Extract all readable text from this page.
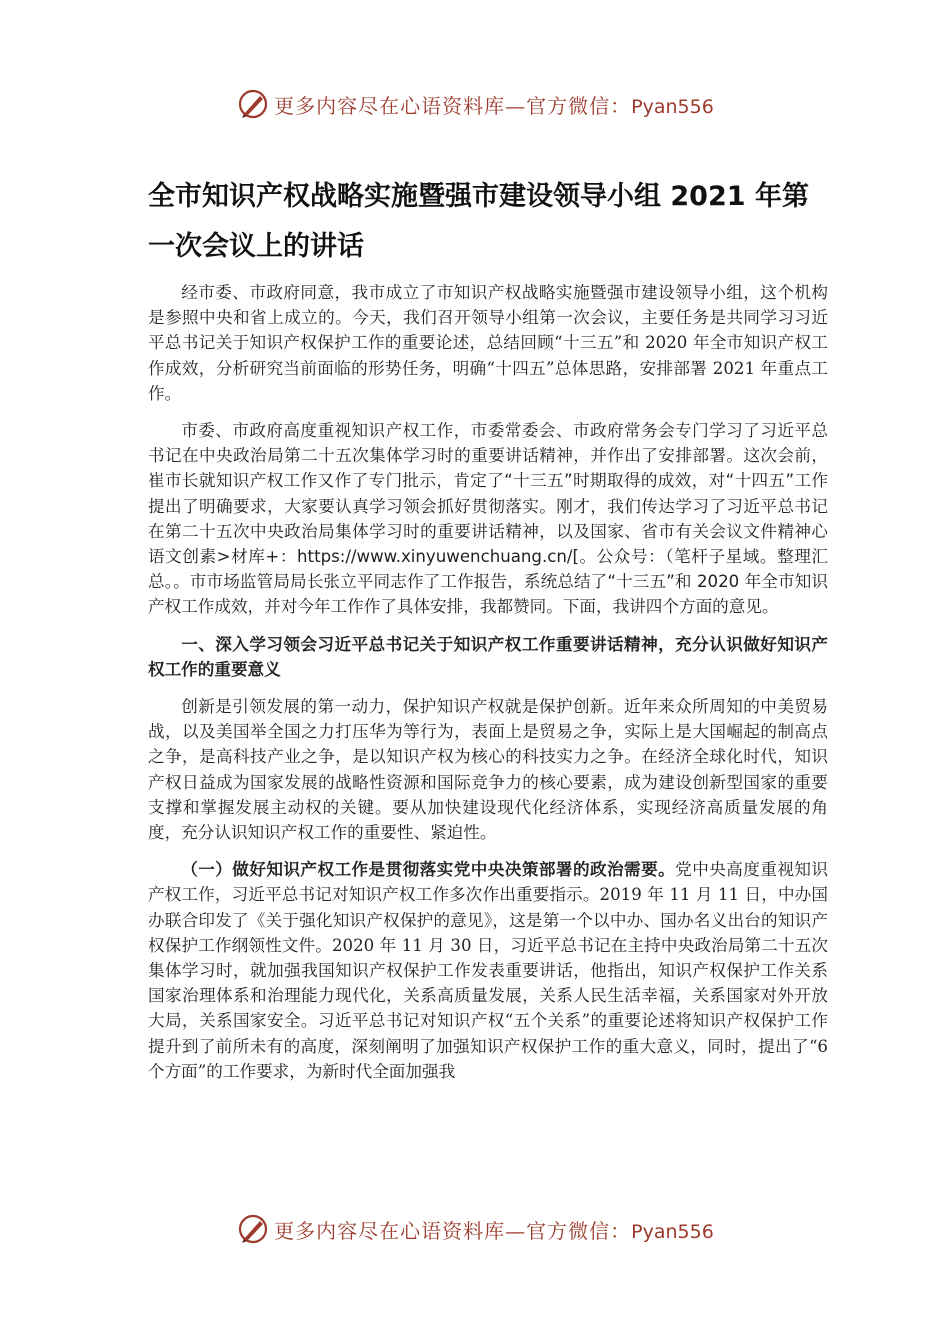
更多内容尽在心语资料库—官方微信：Pyan556
全市知识产权战略实施暨强市建设领导小组 2021 年第一次会议上的讲话

经市委、市政府同意，我市成立了市知识产权战略实施暨强市建设领导小组，这个机构是参照中央和省上成立的。今天，我们召开领导小组第一次会议，主要任务是共同学习习近平总书记关于知识产权保护工作的重要论述，总结回顾“十三五”和 2020 年全市知识产权工作成效，分析研究当前面临的形势任务，明确“十四五”总体思路，安排部署 2021 年重点工作。

市委、市政府高度重视知识产权工作，市委常委会、市政府常务会专门学习了习近平总书记在中央政治局第二十五次集体学习时的重要讲话精神，并作出了安排部署。这次会前，崔市长就知识产权工作又作了专门批示，肯定了“十三五”时期取得的成效，对“十四五”工作提出了明确要求，大家要认真学习领会抓好贯彻落实。刚才，我们传达学习了习近平总书记在第二十五次中央政治局集体学习时的重要讲话精神，以及国家、省市有关会议文件精神心语文创素>材库+：https://www.xinyuwenchuang.cn/[。公众号：（笔杆子星域。整理汇总。。市市场监管局局长张立平同志作了工作报告，系统总结了“十三五”和 2020 年全市知识产权工作成效，并对今年工作作了具体安排，我都赞同。下面，我讲四个方面的意见。

一、深入学习领会习近平总书记关于知识产权工作重要讲话精神，充分认识做好知识产权工作的重要意义

创新是引领发展的第一动力，保护知识产权就是保护创新。近年来众所周知的中美贸易战，以及美国举全国之力打压华为等行为，表面上是贸易之争，实际上是大国崛起的制高点之争，是高科技产业之争，是以知识产权为核心的科技实力之争。在经济全球化时代，知识产权日益成为国家发展的战略性资源和国际竞争力的核心要素，成为建设创新型国家的重要支撑和掌握发展主动权的关键。要从加快建设现代化经济体系，实现经济高质量发展的角度，充分认识知识产权工作的重要性、紧迫性。

（一）做好知识产权工作是贯彻落实党中央决策部署的政治需要。党中央高度重视知识产权工作，习近平总书记对知识产权工作多次作出重要指示。2019 年 11 月 11 日，中办国办联合印发了《关于强化知识产权保护的意见》，这是第一个以中办、国办名义出台的知识产权保护工作纲领性文件。2020 年 11 月 30 日，习近平总书记在主持中央政治局第二十五次集体学习时，就加强我国知识产权保护工作发表重要讲话，他指出，知识产权保护工作关系国家治理体系和治理能力现代化，关系高质量发展，关系人民生活幸福，关系国家对外开放大局，关系国家安全。习近平总书记对知识产权“五个关系”的重要论述将知识产权保护工作提升到了前所未有的高度，深刻阐明了加强知识产权保护工作的重大意义，同时，提出了“6 个方面”的工作要求，为新时代全面加强我

更多内容尽在心语资料库—官方微信：Pyan556
